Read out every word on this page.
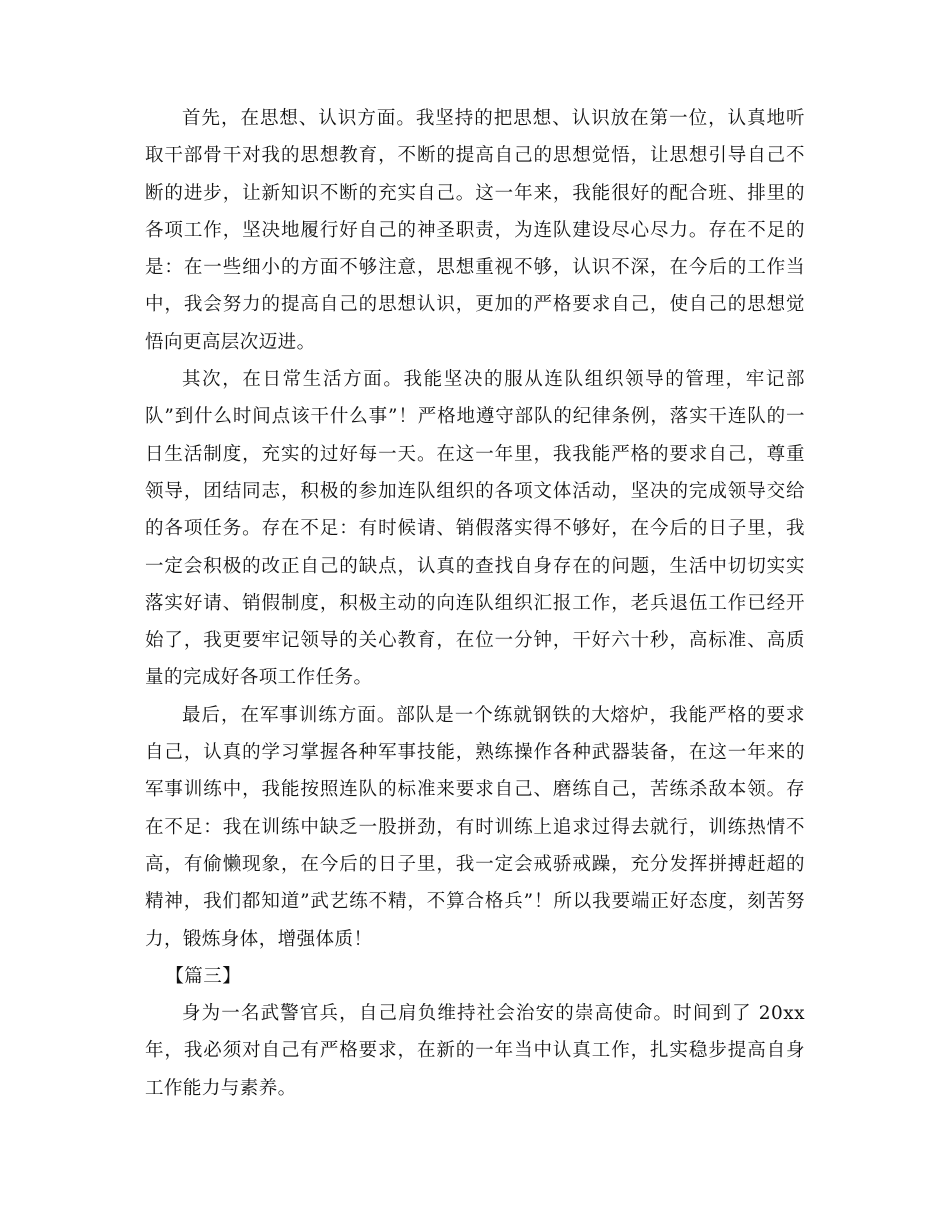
首先，在思想、认识方面。我坚持的把思想、认识放在第一位，认真地听取干部骨干对我的思想教育，不断的提高自己的思想觉悟，让思想引导自己不断的进步，让新知识不断的充实自己。这一年来，我能很好的配合班、排里的各项工作，坚决地履行好自己的神圣职责，为连队建设尽心尽力。存在不足的是：在一些细小的方面不够注意，思想重视不够，认识不深，在今后的工作当中，我会努力的提高自己的思想认识，更加的严格要求自己，使自己的思想觉悟向更高层次迈进。

其次，在日常生活方面。我能坚决的服从连队组织领导的管理，牢记部队”到什么时间点该干什么事”！严格地遵守部队的纪律条例，落实干连队的一日生活制度，充实的过好每一天。在这一年里，我我能严格的要求自己，尊重领导，团结同志，积极的参加连队组织的各项文体活动，坚决的完成领导交给的各项任务。存在不足：有时候请、销假落实得不够好，在今后的日子里，我一定会积极的改正自己的缺点，认真的查找自身存在的问题，生活中切切实实落实好请、销假制度，积极主动的向连队组织汇报工作，老兵退伍工作已经开始了，我更要牢记领导的关心教育，在位一分钟，干好六十秒，高标准、高质量的完成好各项工作任务。

最后，在军事训练方面。部队是一个练就钢铁的大熔炉，我能严格的要求自己，认真的学习掌握各种军事技能，熟练操作各种武器装备，在这一年来的军事训练中，我能按照连队的标准来要求自己、磨练自己，苦练杀敌本领。存在不足：我在训练中缺乏一股拼劲，有时训练上追求过得去就行，训练热情不高，有偷懒现象，在今后的日子里，我一定会戒骄戒躁，充分发挥拼搏赶超的精神，我们都知道”武艺练不精，不算合格兵”！所以我要端正好态度，刻苦努力，锻炼身体，增强体质！

【篇三】

身为一名武警官兵，自己肩负维持社会治安的崇高使命。时间到了 20xx 年，我必须对自己有严格要求，在新的一年当中认真工作，扎实稳步提高自身工作能力与素养。
